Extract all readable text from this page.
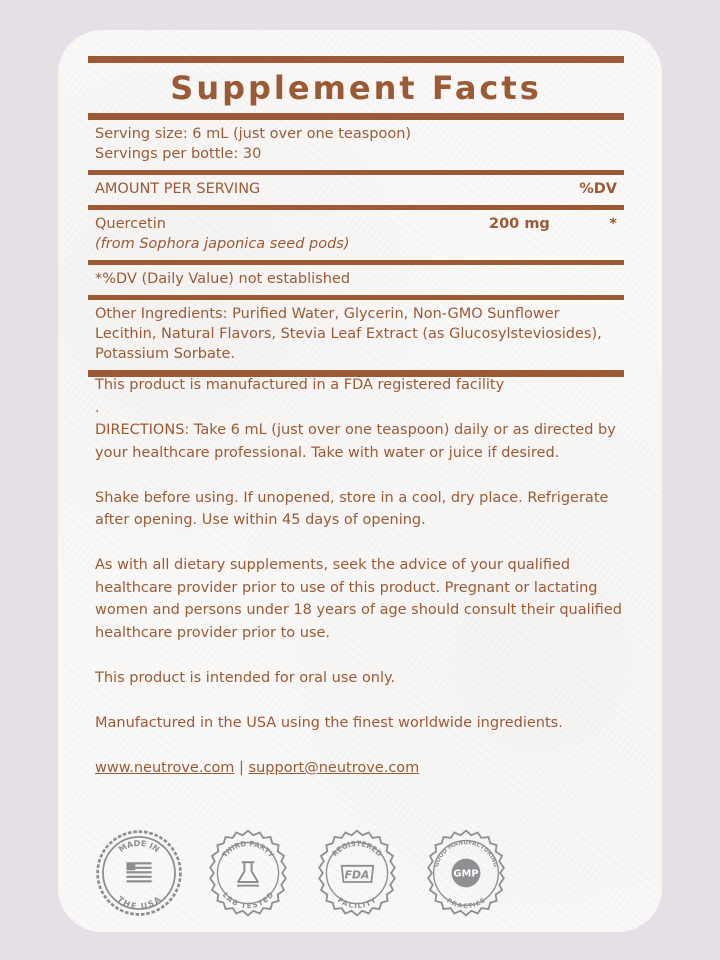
Supplement Facts
Serving size: 6 mL (just over one teaspoon)
Servings per bottle: 30
AMOUNT PER SERVING	%DV
Quercetin	200 mg	*
(from Sophora japonica seed pods)
*%DV (Daily Value) not established
Other Ingredients: Purified Water, Glycerin, Non-GMO Sunflower Lecithin, Natural Flavors, Stevia Leaf Extract (as Glucosylsteviosides), Potassium Sorbate.

This product is manufactured in a FDA registered facility

.

DIRECTIONS: Take 6 mL (just over one teaspoon) daily or as directed by your healthcare professional. Take with water or juice if desired.

Shake before using. If unopened, store in a cool, dry place. Refrigerate after opening. Use within 45 days of opening.

As with all dietary supplements, seek the advice of your qualified healthcare provider prior to use of this product. Pregnant or lactating women and persons under 18 years of age should consult their qualified healthcare provider prior to use.

This product is intended for oral use only.

Manufactured in the USA using the finest worldwide ingredients.

www.neutrove.com | support@neutrove.com

MADE IN
THE USA
THIRD PARTY
LAB TESTED
REGISTERED
FACILITY
FDA
GOOD MANUFACTURING
PRACTICE
GMP
